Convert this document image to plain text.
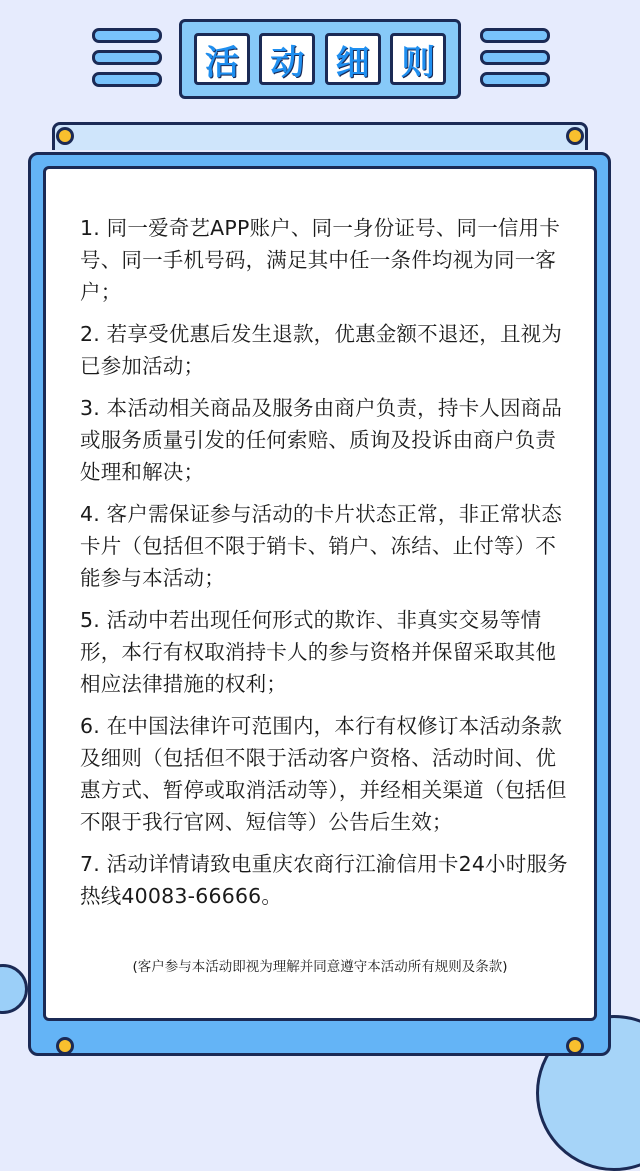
活 动 细 则
1. 同一爱奇艺APP账户、同一身份证号、同一信用卡号、同一手机号码，满足其中任一条件均视为同一客户；
2. 若享受优惠后发生退款，优惠金额不退还，且视为已参加活动；
3. 本活动相关商品及服务由商户负责，持卡人因商品或服务质量引发的任何索赔、质询及投诉由商户负责处理和解决；
4. 客户需保证参与活动的卡片状态正常，非正常状态卡片（包括但不限于销卡、销户、冻结、止付等）不能参与本活动；
5. 活动中若出现任何形式的欺诈、非真实交易等情形，本行有权取消持卡人的参与资格并保留采取其他相应法律措施的权利；
6. 在中国法律许可范围内，本行有权修订本活动条款及细则（包括但不限于活动客户资格、活动时间、优惠方式、暂停或取消活动等），并经相关渠道（包括但不限于我行官网、短信等）公告后生效；
7. 活动详情请致电重庆农商行江渝信用卡24小时服务热线40083-66666。
(客户参与本活动即视为理解并同意遵守本活动所有规则及条款)
